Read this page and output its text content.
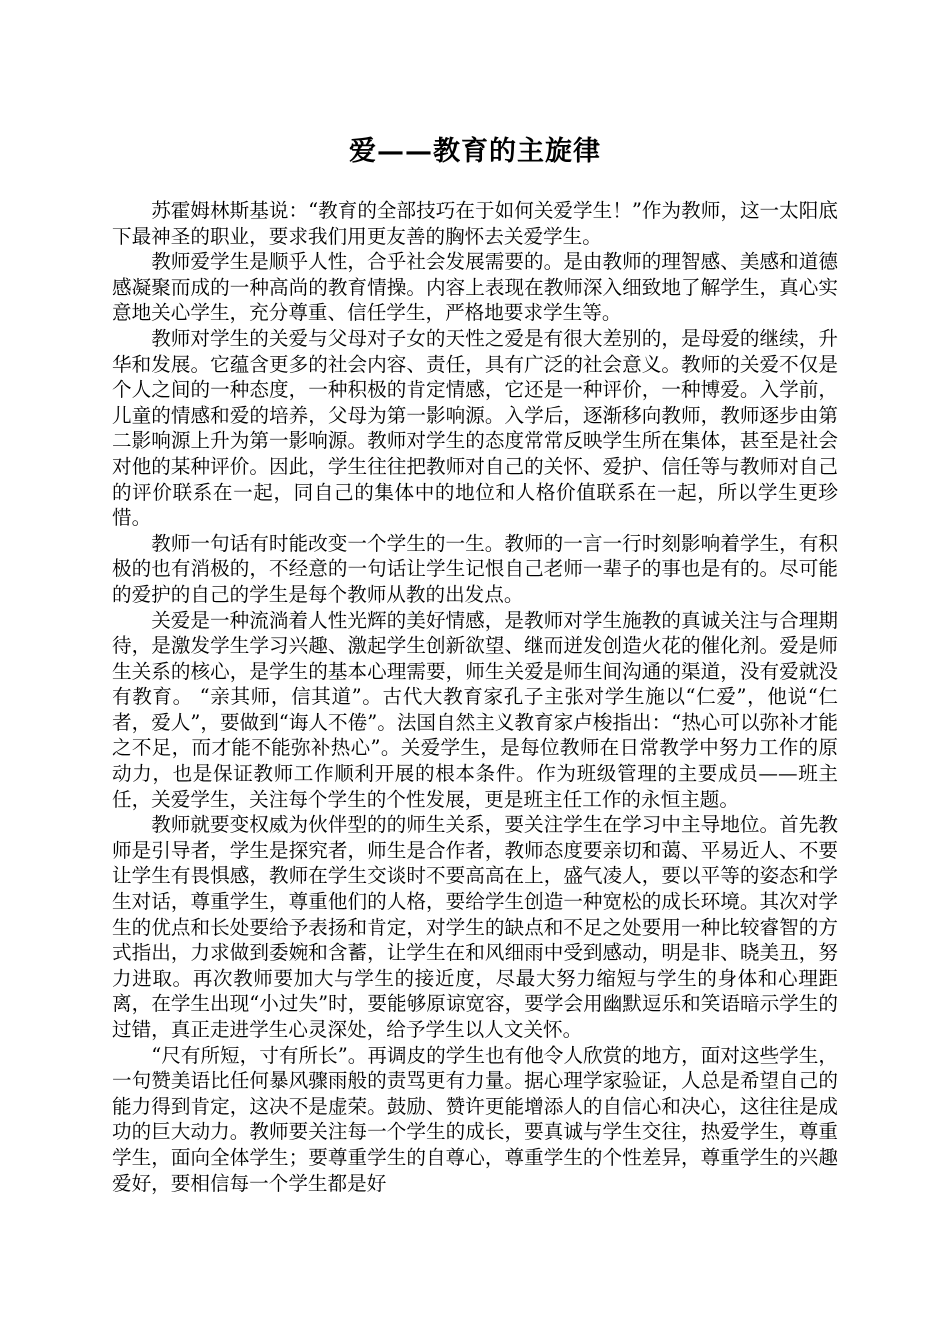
爱——教育的主旋律

苏霍姆林斯基说：“教育的全部技巧在于如何关爱学生！”作为教师，这一太阳底下最神圣的职业，要求我们用更友善的胸怀去关爱学生。

教师爱学生是顺乎人性，合乎社会发展需要的。是由教师的理智感、美感和道德感凝聚而成的一种高尚的教育情操。内容上表现在教师深入细致地了解学生，真心实意地关心学生，充分尊重、信任学生，严格地要求学生等。

教师对学生的关爱与父母对子女的天性之爱是有很大差别的，是母爱的继续，升华和发展。它蕴含更多的社会内容、责任，具有广泛的社会意义。教师的关爱不仅是个人之间的一种态度，一种积极的肯定情感，它还是一种评价，一种博爱。入学前，儿童的情感和爱的培养，父母为第一影响源。入学后，逐渐移向教师，教师逐步由第二影响源上升为第一影响源。教师对学生的态度常常反映学生所在集体，甚至是社会对他的某种评价。因此，学生往往把教师对自己的关怀、爱护、信任等与教师对自己的评价联系在一起，同自己的集体中的地位和人格价值联系在一起，所以学生更珍惜。

教师一句话有时能改变一个学生的一生。教师的一言一行时刻影响着学生，有积极的也有消极的，不经意的一句话让学生记恨自己老师一辈子的事也是有的。尽可能的爱护的自己的学生是每个教师从教的出发点。

关爱是一种流淌着人性光辉的美好情感，是教师对学生施教的真诚关注与合理期待，是激发学生学习兴趣、激起学生创新欲望、继而迸发创造火花的催化剂。爱是师生关系的核心，是学生的基本心理需要，师生关爱是师生间沟通的渠道，没有爱就没有教育。 “亲其师，信其道”。古代大教育家孔子主张对学生施以“仁爱”，他说“仁者，爱人”，要做到“诲人不倦”。法国自然主义教育家卢梭指出：“热心可以弥补才能之不足，而才能不能弥补热心”。关爱学生，是每位教师在日常教学中努力工作的原动力，也是保证教师工作顺利开展的根本条件。作为班级管理的主要成员——班主任，关爱学生，关注每个学生的个性发展，更是班主任工作的永恒主题。

教师就要变权威为伙伴型的的师生关系，要关注学生在学习中主导地位。首先教师是引导者，学生是探究者，师生是合作者，教师态度要亲切和蔼、平易近人、不要让学生有畏惧感，教师在学生交谈时不要高高在上，盛气凌人，要以平等的姿态和学生对话，尊重学生，尊重他们的人格，要给学生创造一种宽松的成长环境。其次对学生的优点和长处要给予表扬和肯定，对学生的缺点和不足之处要用一种比较睿智的方式指出，力求做到委婉和含蓄，让学生在和风细雨中受到感动，明是非、晓美丑，努力进取。再次教师要加大与学生的接近度，尽最大努力缩短与学生的身体和心理距离，在学生出现“小过失”时，要能够原谅宽容，要学会用幽默逗乐和笑语暗示学生的过错，真正走进学生心灵深处，给予学生以人文关怀。

“尺有所短，寸有所长”。再调皮的学生也有他令人欣赏的地方，面对这些学生，一句赞美语比任何暴风骤雨般的责骂更有力量。据心理学家验证，人总是希望自己的能力得到肯定，这决不是虚荣。鼓励、赞许更能增添人的自信心和决心，这往往是成功的巨大动力。教师要关注每一个学生的成长，要真诚与学生交往，热爱学生，尊重学生，面向全体学生；要尊重学生的自尊心，尊重学生的个性差异，尊重学生的兴趣爱好，要相信每一个学生都是好
